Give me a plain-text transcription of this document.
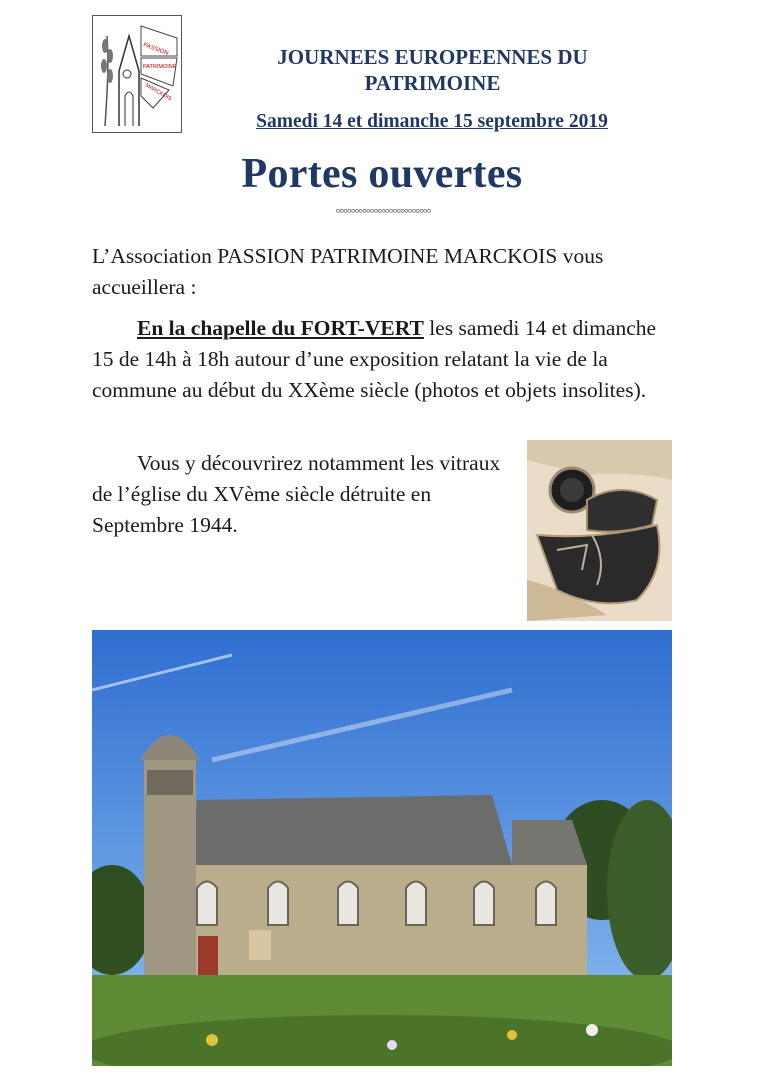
PASSION
PATRIMOINE
MARCKOIS
JOURNEES EUROPEENNES DU PATRIMOINE

Samedi 14 et dimanche 15 septembre 2019

Portes ouvertes
°°°°°°°°°°°°°°°°°°°°°°°°°

L’Association PASSION PATRIMOINE MARCKOIS vous accueillera :

En la chapelle du FORT-VERT les samedi 14 et dimanche 15 de 14h à 18h autour d’une exposition relatant la vie de la commune au début du XXème siècle (photos et objets insolites).

Vous y découvrirez notamment les vitraux de l’église du XVème siècle détruite en Septembre 1944.
